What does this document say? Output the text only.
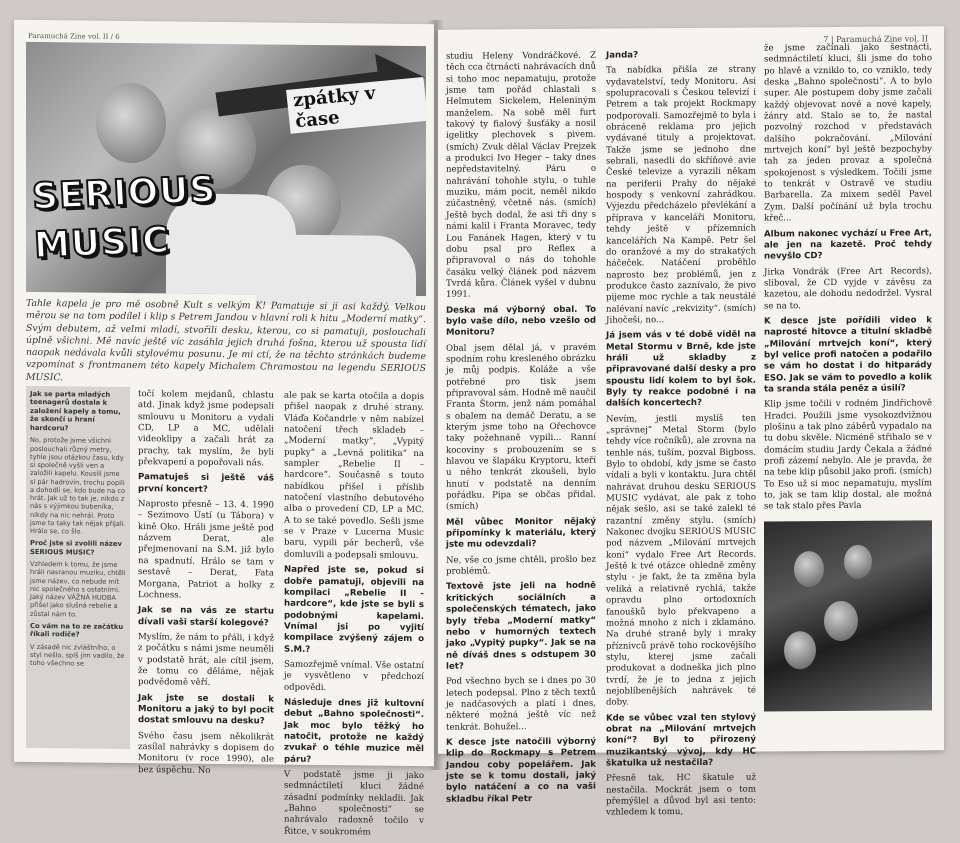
Paramuchá Zine vol. II / 6
zpátky v čase
SERIOUS
MUSIC
Tahle kapela je pro mě osobně Kult s velkým K! Pamatuje si ji asi každý. Velkou měrou se na tom podílel i klip s Petrem Jandou v hlavní roli k hitu „Moderní matky“. Svým debutem, až velmi mladí, stvořili desku, kterou, co si pamatuji, poslouchali úplně všichni. Mě navíc ještě víc zasáhla jejich druhá fošna, kterou už spousta lidí naopak nedávala kvůli stylovému posunu. Je mi ctí, že na těchto stránkách budeme vzpomínat s frontmanem této kapely Michalem Chramostou na legendu SERIOUS MUSIC.

Jak se parta mladých teenagerů dostala k založení kapely a tomu, že skončí u hraní hardcoru?

No, protože jsme všichni poslouchali různý metry, tyhle jsou otázkou času, kdy si společně vyšli ven a založili kapelu. Kousili jsme si pár hadrovin, trochu popili a dohodli se, kdo bude na co hrát. Jak už to tak je, nikdo z nás s výjimkou bubeníka, nikdy na nic nehrál. Proto jsme to taky tak nějak přijali. Hrálo se, co šlo.

Proč jste si zvolili název SERIOUS MUSIC?

Vzhledem k tomu, že jsme hráli nasranou muziku, chtěli jsme název, co nebude mít nic společného s ostatními. Jaký název VÁŽNÁ HUDBA přišel jako slušná rebelie a zůstal nám to.

Co vám na to ze začátku říkali rodiče?

V zásadě nic zvláštního, o styl nešlo, spíš jim vadilo, že toho všechno se

točí kolem mejdanů, chlastu atd. Jinak když jsme podepsali smlouvu u Monitoru a vydali CD, LP a MC, udělali videoklipy a začali hrát za prachy, tak myslím, že byli překvapení a popořovali nás.

Pamatuješ si ještě váš první koncert?

Naprosto přesně – 13. 4. 1990 – Sezimovo Ústí (u Tábora) v kině Oko. Hráli jsme ještě pod názvem Derat, ale přejmenovaní na S.M. již bylo na spadnutí. Hrálo se tam v sestavě – Derat, Fata Morgana, Patriot a holky z Lochness.

Jak se na vás ze startu dívali vaši starší kolegové?

Myslím, že nám to přáli, i když z počátku s námi jsme neuměli v podstatě hrát, ale cítil jsem, že tomu co děláme, nějak podvědomě věří.

Jak jste se dostali k Monitoru a jaký to byl pocit dostat smlouvu na desku?

Svého času jsem několikrát zasílal nahrávky s dopisem do Monitoru (v roce 1990), ale bez úspěchu. No

ale pak se karta otočila a dopis přišel naopak z druhé strany. Vláďa Kočandrle v něm nabízel natočení třech skladeb – „Moderní matky“, „Vypitý pupky“ a „Levná politika“ na sampler „Rebelie II – hardcore“. Současně s touto nabídkou přišel i příslib natočení vlastního debutového alba o provedení CD, LP a MC. A to se také povedlo. Sešli jsme se v Praze v Lucerna Music baru, vypili pár becherů, vše domluvili a podepsali smlouvu.

Napřed jste se, pokud si dobře pamatuji, objevili na kompilaci „Rebelie II - hardcore“, kde jste se byli s podobnými kapelami. Vnímal jsi po vyjití kompilace zvýšený zájem o S.M.?

Samozřejmě vnímal. Vše ostatní je vysvětleno v předchozí odpovědi.

Následuje dnes již kultovní debut „Bahno společnosti“. Jak moc bylo těžký ho natočit, protože ne každý zvukař o téhle muzice měl páru?

V podstatě jsme ji jako sedmnáctiletí kluci žádné zásadní podmínky nekladli. Jak „Bahno společnosti“ se nahrávalo radoxně točilo v Řitce, v soukromém

7 | Paramuchá Zine vol. II

studiu Heleny Vondráčkové. Z těch cca čtrnácti nahrávacích dnů si toho moc nepamatuju, protože jsme tam pořád chlastali s Helmutem Sickelem, Heleniným manželem. Na sobě měl furt takový ty fialový šusťáky a nosil igelitky plechovek s pivem. (smích) Zvuk dělal Václav Prejzek a produkci Ivo Heger – taky dnes nepředstavitelný. Páru o nahrávání tohohle stylu, o tuhle muziku, mám pocit, neměl nikdo zúčastněný, včetně nás. (smích) Ještě bych dodal, že asi tři dny s námi kalil i Franta Moravec, tedy Lou Fanánek Hagen, který v tu dobu psal pro Reflex a připravoval o nás do tohohle časáku velký článek pod názvem Tvrdá kůra. Článek vyšel v dubnu 1991.

Deska má výborný obal. To bylo vaše dílo, nebo vzešlo od Monitoru?

Obal jsem dělal já, v pravém spodním rohu kresleného obrázku je můj podpis. Koláže a vše potřebné pro tisk jsem připravoval sám. Hodně mě naučil Franta Štorm, jenž nám pomáhal s obalem na demáč Deratu, a se kterým jsme toho na Ořechovce taky požehnaně vypili... Ranní kocoviny s probouzením se s hlavou ve šlapáku Kryptoru, kteří u něho tenkrát zkoušeli, bylo hnutí v podstatě na denním pořádku. Pipa se občas přidal. (smích)

Měl vůbec Monitor nějaký připomínky k materiálu, který jste mu odevzdali?

Ne, vše co jsme chtěli, prošlo bez problémů.

Textově jste jeli na hodně kritických sociálních a společenských tématech, jako byly třeba „Moderní matky“ nebo v humorných textech jako „Vypitý pupky“. Jak se na ně díváš dnes s odstupem 30 let?

Pod všechno bych se i dnes po 30 letech podepsal. Plno z těch textů je nadčasových a platí i dnes, některé možná ještě víc než tenkrát. Bohužel...

K desce jste natočili výborný klip do Rockmapy s Petrem Jandou coby popelářem. Jak jste se k tomu dostali, jaký bylo natáčení a co na vaši skladbu říkal Petr

Janda?

Ta nabídka přišla ze strany vydavatelství, tedy Monitoru. Asi spolupracovali s Českou televizí i Petrem a tak projekt Rockmapy podporovali. Samozřejmě to byla i obráceně reklama pro jejich vydávané tituly a projektovat. Takže jsme se jednoho dne sebrali, nasedli do skříňové avie České televize a vyrazili někam na periferii Prahy do nějaké hospody s venkovní zahrádkou. Výjezdu předcházelo převlékání a příprava v kanceláři Monitoru, tehdy ještě v přízemních kancelářích Na Kampě. Petr šel do oranžové a my do strakatých háčeček. Natáčení proběhlo naprosto bez problémů, jen z produkce často zaznívalo, že pivo pijeme moc rychle a tak neustálé nalévaní navíc „rekvizity“. (smích) Jihočeši, no...

Já jsem vás v té době viděl na Metal Stormu v Brně, kde jste hráli už skladby z připravované další desky a pro spoustu lidí kolem to byl šok. Byly ty reakce podobné i na dalších koncertech?

Nevím, jestli myslíš ten „správnej“ Metal Storm (bylo tehdy více ročníků), ale zrovna na tenhle nás, tuším, pozval Bigboss. Bylo to období, kdy jsme se často vídali a byli v kontaktu. Jura chtěl nahrávat druhou desku SERIOUS MUSIC vydávat, ale pak z toho nějak sešlo, asi se také zalekl té razantní změny stylu. (smích) Nakonec dvojku SERIOUS MUSIC pod názvem „Milování mrtvejch koní“ vydalo Free Art Records. Ještě k tvé otázce ohledně změny stylu - je fakt, že ta změna byla veliká a relativně rychlá, takže opravdu plno ortodoxních fanoušků bylo překvapeno a možná mnoho z nich i zklamáno. Na druhé straně byly i mraky příznivců právě toho rockovějšího stylu, kterej jsme začali produkovat a dodneška jich plno tvrdí, že je to jedna z jejich nejoblíbenějších nahrávek té doby.

Kde se vůbec vzal ten stylový obrat na „Milování mrtvejch koní“? Byl to přirozený muzikantský vývoj, kdy HC škatulka už nestačila?

Přesně tak, HC škatule už nestačila. Mockrát jsem o tom přemýšlel a důvod byl asi tento: vzhledem k tomu,

že jsme začínali jako šestnácti, sedmnáctiletí kluci, šli jsme do toho po hlavě a vzniklo to, co vzniklo, tedy deska „Bahno společnosti“. A to bylo super. Ale postupem doby jsme začali každý objevovat nové a nové kapely, žánry atd. Stalo se to, že nastal pozvolný rozchod v představách dalšího pokračování. „Milování mrtvejch koní“ byl ještě bezpochyby tah za jeden provaz a společná spokojenost s výsledkem. Točili jsme to tenkrát v Ostravě ve studiu Barbarella. Za mixem seděl Pavel Zym. Další počínání už byla trochu křeč...

Album nakonec vychází u Free Art, ale jen na kazetě. Proč tehdy nevyšlo CD?

Jirka Vondrák (Free Art Records), sliboval, že CD vyjde v závěsu za kazetou, ale dohodu nedodržel. Vysral se na to.

K desce jste pořídili video k naprosté hitovce a titulní skladbě „Milování mrtvejch koní“, který byl velice profi natočen a podařilo se vám ho dostat i do hitparády ESO. Jak se vám to povedlo a kolik ta sranda stála peněz a úsilí?

Klip jsme točili v rodném Jindřichově Hradci. Použili jsme vysokozdvižnou plošinu a tak plno záběrů vypadalo na tu dobu skvěle. Nicméně střihalo se v domácím studiu Jardy Čekala a žádné profi zázemí nebylo. Ale je pravda, že na tebe klip působil jako profi. (smích) To Eso už si moc nepamatuju, myslím to, jak se tam klip dostal, ale možná se tak stalo přes Pavla
